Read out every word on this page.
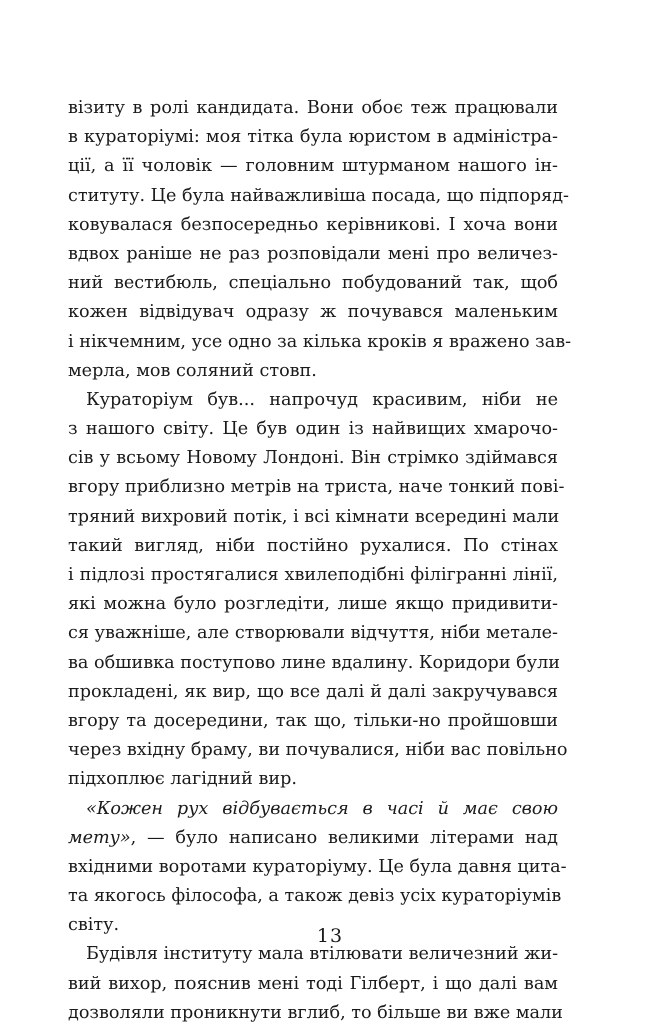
візиту в ролі кандидата. Вони обоє теж працювали
в кураторіумі: моя тітка була юристом в адміністра-
ції, а її чоловік — головним штурманом нашого ін-
ституту. Це була найважливіша посада, що підпоряд-
ковувалася безпосередньо керівникові. І хоча вони
вдвох раніше не раз розповідали мені про величез-
ний вестибюль, спеціально побудований так, щоб
кожен відвідувач одразу ж почувався маленьким
і нікчемним, усе одно за кілька кроків я вражено зав-
мерла, мов соляний стовп.
Кураторіум був... напрочуд красивим, ніби не
з нашого світу. Це був один із найвищих хмарочо-
сів у всьому Новому Лондоні. Він стрімко здіймався
вгору приблизно метрів на триста, наче тонкий пові-
тряний вихровий потік, і всі кімнати всередині мали
такий вигляд, ніби постійно рухалися. По стінах
і підлозі простягалися хвилеподібні філігранні лінії,
які можна було розгледіти, лише якщо придивити-
ся уважніше, але створювали відчуття, ніби метале-
ва обшивка поступово лине вдалину. Коридори були
прокладені, як вир, що все далі й далі закручувався
вгору та досередини, так що, тільки-но пройшовши
через вхідну браму, ви почувалися, ніби вас повільно
підхоплює лагідний вир.
«Кожен рух відбувається в часі й має свою
мету», — було написано великими літерами над
вхідними воротами кураторіуму. Це була давня цита-
та якогось філософа, а також девіз усіх кураторіумів
світу.
Будівля інституту мала втілювати величезний жи-
вий вихор, пояснив мені тоді Гілберт, і що далі вам
дозволяли проникнути вглиб, то більше ви вже мали
13
